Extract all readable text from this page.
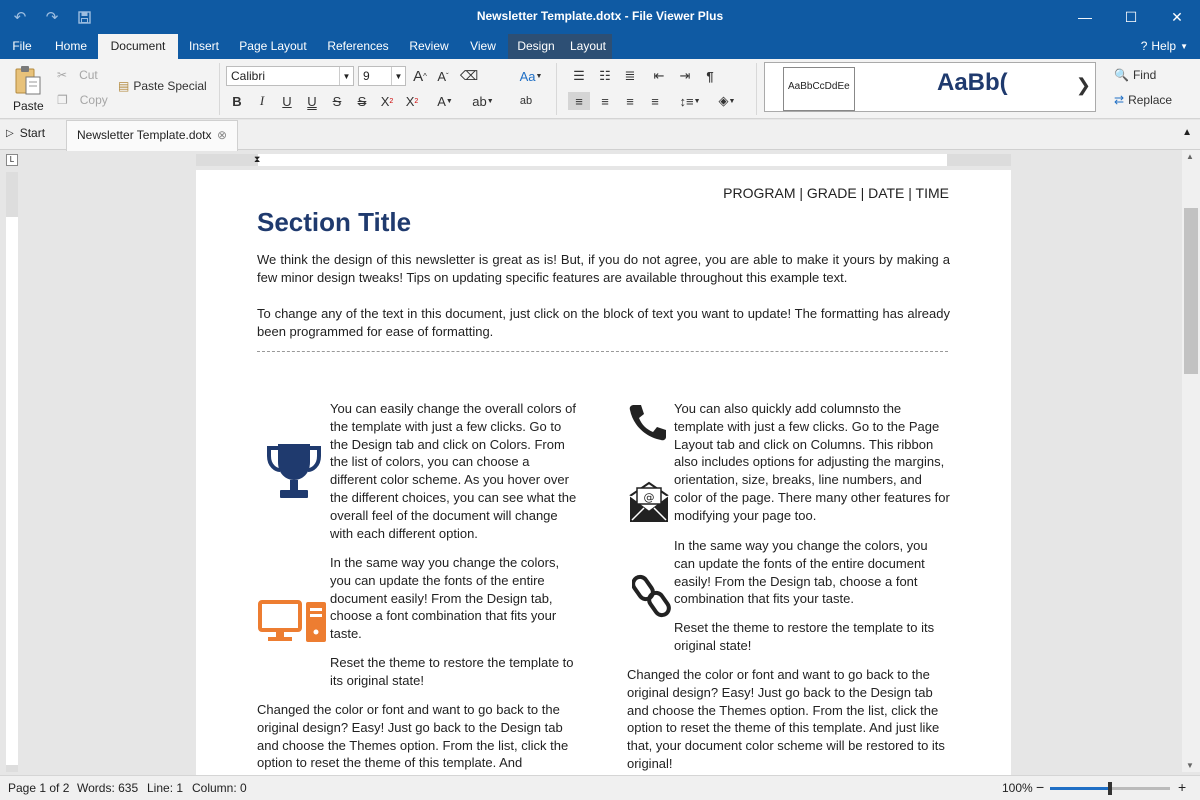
↶ ↷	Newsletter Template.dotx - File Viewer Plus	—	☐	✕
File	Home	Document	Insert	Page Layout	References	Review	View	Design	Layout	? Help ▼
Paste
✂ Cut
❐ Copy
▤ Paste Special
Calibri	▼	9	▼ A ^ A ˇ ⌫
B	I	U	U	S	S	X 2 X 2	A ▼	ab ▼
Aa ▼
ab
☰ ☷ ≣ ⇤ ⇥	¶
≡	≡	≡	≡	↕≡ ▼	◈ ▼
AaBbCcDdEe	AaBb(	❯ 🔍 Find
⇄ Replace
▷ Start	Newsletter Template.dotx ⊗	▲
L	⧗
PROGRAM | GRADE | DATE | TIME
Section Title
We think the design of this newsletter is great as is! But, if you do not agree, you are able to make it yours by making a few minor design tweaks! Tips on updating specific features are available throughout this example text.
To change any of the text in this document, just click on the block of text you want to update! The formatting has already been programmed for ease of formatting.
You can easily change the overall colors of the template with just a few clicks. Go to the Design tab and click on Colors. From the list of colors, you can choose a different color scheme. As you hover over the different choices, you can see what the overall feel of the document will change with each different option.
In the same way you change the colors, you can update the fonts of the entire document easily! From the Design tab, choose a font combination that fits your taste.
Reset the theme to restore the template to its original state!
Changed the color or font and want to go back to the original design? Easy! Just go back to the Design tab and choose the Themes option. From the list, click the option to reset the theme of this template. And
@
You can also quickly add columnsto the template with just a few clicks. Go to the Page Layout tab and click on Columns. This ribbon also includes options for adjusting the margins, orientation, size, breaks, line numbers, and color of the page. There many other features for modifying your page too.
In the same way you change the colors, you can update the fonts of the entire document easily! From the Design tab, choose a font combination that fits your taste.
Reset the theme to restore the template to its original state!
Changed the color or font and want to go back to the original design? Easy! Just go back to the Design tab and choose the Themes option. From the list, click the option to reset the theme of this template. And just like that, your document color scheme will be restored to its original!
▲
▼
Page 1 of 2 Words: 635 Line: 1 Column: 0	100% −	+
